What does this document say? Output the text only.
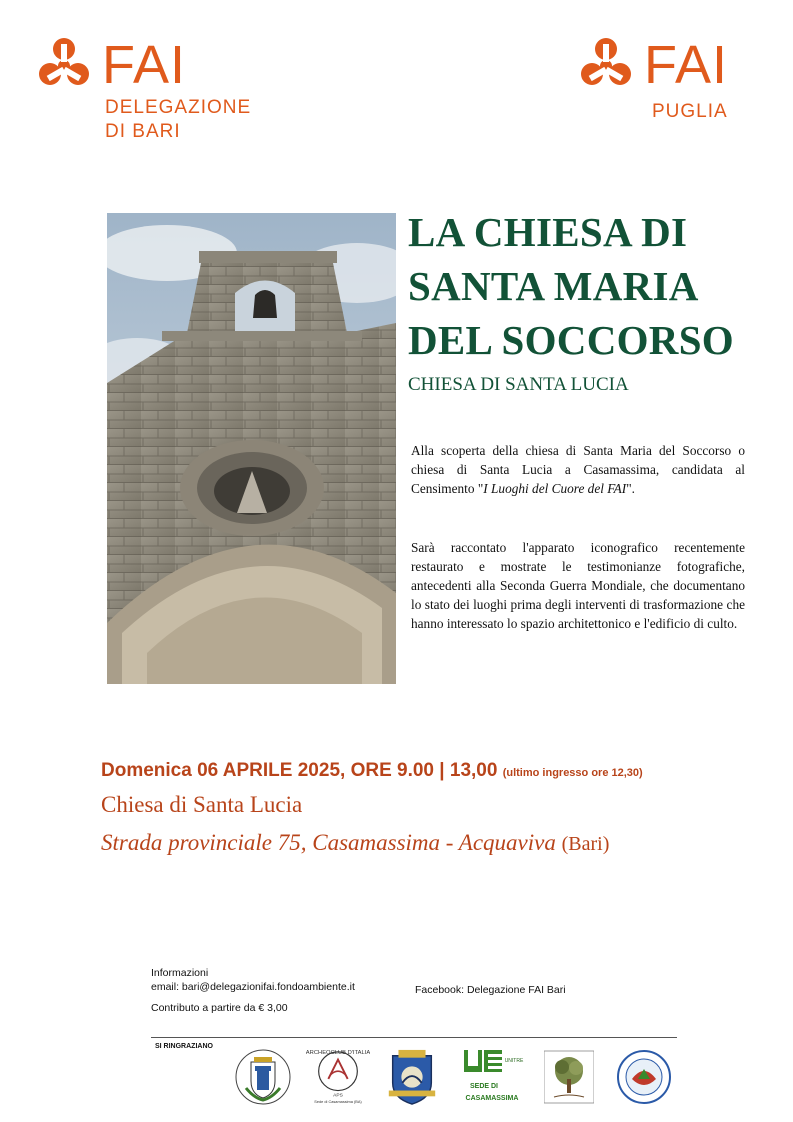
FAI
DELEGAZIONE
DI BARI
FAI
PUGLIA
LA CHIESA DI
SANTA MARIA
DEL SOCCORSO
CHIESA DI SANTA LUCIA
Alla scoperta della chiesa di Santa Maria del Soccorso o chiesa di Santa Lucia a Casamassima, candidata al Censimento "I Luoghi del Cuore del FAI".
Sarà raccontato l'apparato iconografico recentemente restaurato e mostrate le testimonianze fotografiche, antecedenti alla Seconda Guerra Mondiale, che documentano lo stato dei luoghi prima degli interventi di trasformazione che hanno interessato lo spazio architettonico e l'edificio di culto.
Domenica 06 APRILE 2025, ORE 9.00 | 13,00 (ultimo ingresso ore 12,30)
Chiesa di Santa Lucia
Strada provinciale 75, Casamassima - Acquaviva (Bari)
Informazioni
email: bari@delegazionifai.fondoambiente.it	Facebook: Delegazione FAI Bari
Contributo a partire da € 3,00
SI RINGRAZIANO
ARCHEOCLUB D'ITALIA
APS
Sede di Casamassima (BA)
UNITRE
SEDE DI
CASAMASSIMA
